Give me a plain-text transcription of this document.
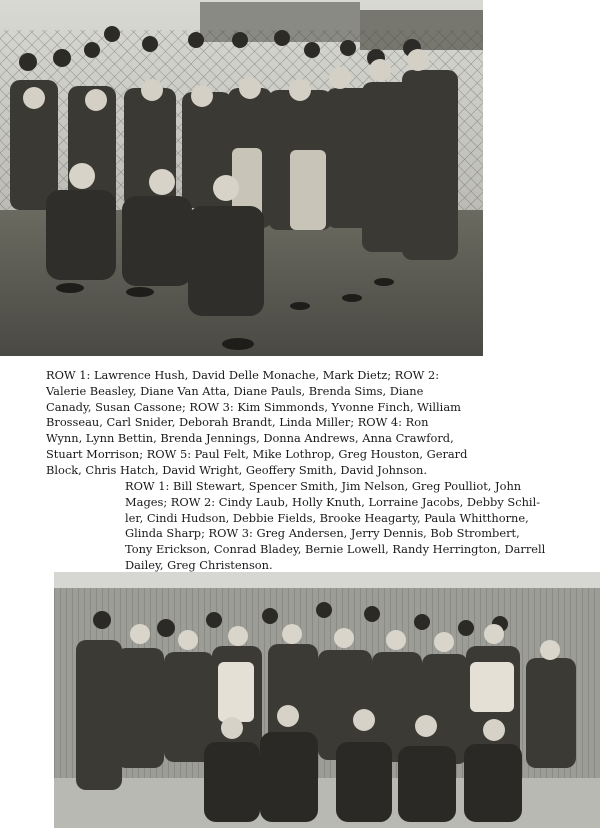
ROW 1: Lawrence Hush, David Delle Monache, Mark Dietz; ROW 2:
Valerie Beasley, Diane Van Atta, Diane Pauls, Brenda Sims, Diane
Canady, Susan Cassone; ROW 3: Kim Simmonds, Yvonne Finch, William
Brosseau, Carl Snider, Deborah Brandt, Linda Miller; ROW 4: Ron
Wynn, Lynn Bettin, Brenda Jennings, Donna Andrews, Anna Crawford,
Stuart Morrison; ROW 5: Paul Felt, Mike Lothrop, Greg Houston, Gerard
Block, Chris Hatch, David Wright, Geoffery Smith, David Johnson.

ROW 1: Bill Stewart, Spencer Smith, Jim Nelson, Greg Poulliot, John
Mages; ROW 2: Cindy Laub, Holly Knuth, Lorraine Jacobs, Debby Schil-
ler, Cindi Hudson, Debbie Fields, Brooke Heagarty, Paula Whitthorne,
Glinda Sharp; ROW 3: Greg Andersen, Jerry Dennis, Bob Strombert,
Tony Erickson, Conrad Bladey, Bernie Lowell, Randy Herrington, Darrell
Dailey, Greg Christenson.
